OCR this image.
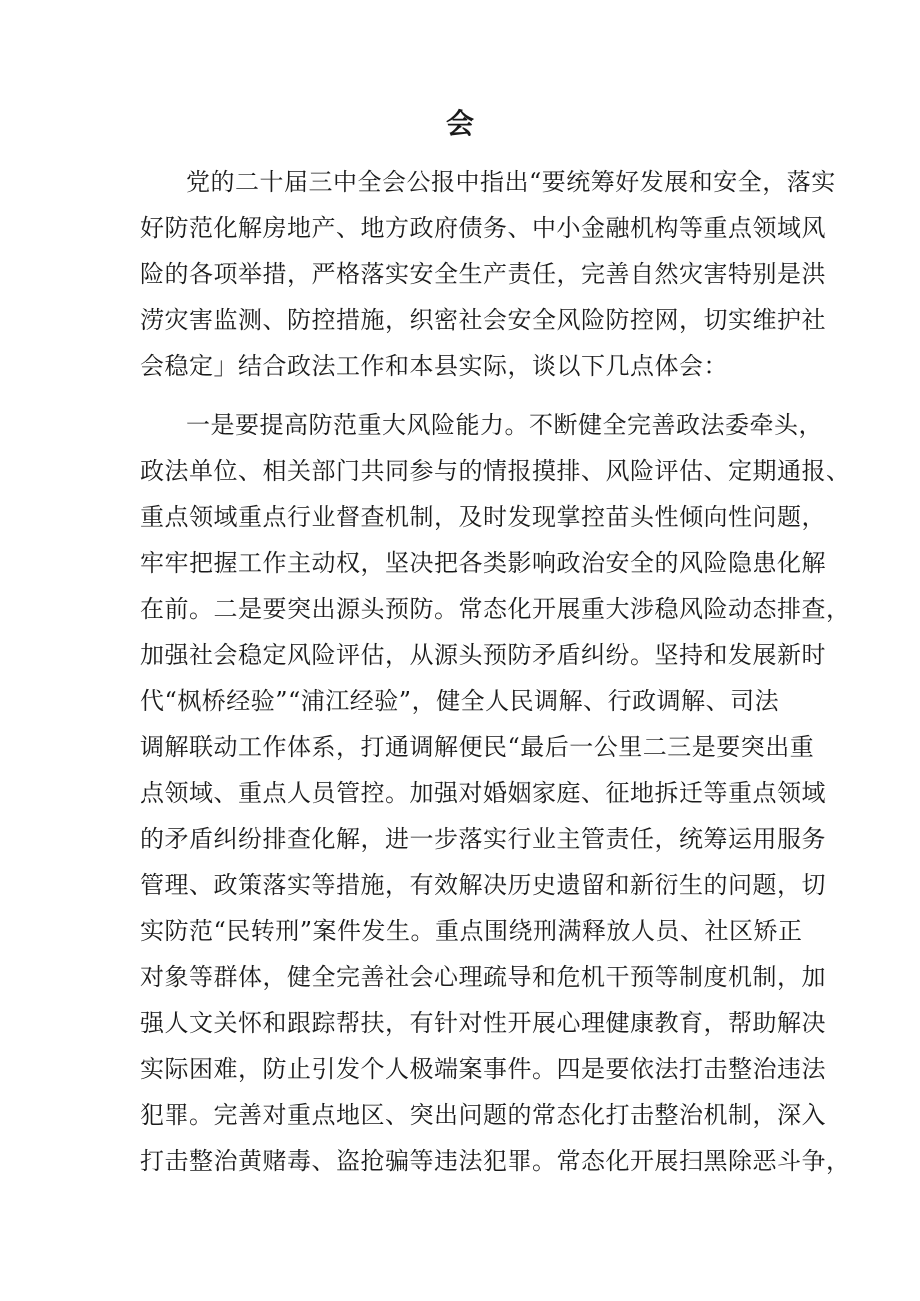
会
党的二十届三中全会公报中指出“要统筹好发展和安全，落实
好防范化解房地产、地方政府债务、中小金融机构等重点领域风
险的各项举措，严格落实安全生产责任，完善自然灾害特别是洪
涝灾害监测、防控措施，织密社会安全风险防控网，切实维护社
会稳定」结合政法工作和本县实际，谈以下几点体会：
一是要提高防范重大风险能力。不断健全完善政法委牵头，
政法单位、相关部门共同参与的情报摸排、风险评估、定期通报、
重点领域重点行业督查机制，及时发现掌控苗头性倾向性问题，
牢牢把握工作主动权，坚决把各类影响政治安全的风险隐患化解
在前。二是要突出源头预防。常态化开展重大涉稳风险动态排查，
加强社会稳定风险评估，从源头预防矛盾纠纷。坚持和发展新时
代“枫桥经验”“浦江经验”，健全人民调解、行政调解、司法
调解联动工作体系，打通调解便民“最后一公里二三是要突出重
点领域、重点人员管控。加强对婚姻家庭、征地拆迁等重点领域
的矛盾纠纷排查化解，进一步落实行业主管责任，统筹运用服务
管理、政策落实等措施，有效解决历史遗留和新衍生的问题，切
实防范“民转刑”案件发生。重点围绕刑满释放人员、社区矫正
对象等群体，健全完善社会心理疏导和危机干预等制度机制，加
强人文关怀和跟踪帮扶，有针对性开展心理健康教育，帮助解决
实际困难，防止引发个人极端案事件。四是要依法打击整治违法
犯罪。完善对重点地区、突出问题的常态化打击整治机制，深入
打击整治黄赌毒、盗抢骗等违法犯罪。常态化开展扫黑除恶斗争，
